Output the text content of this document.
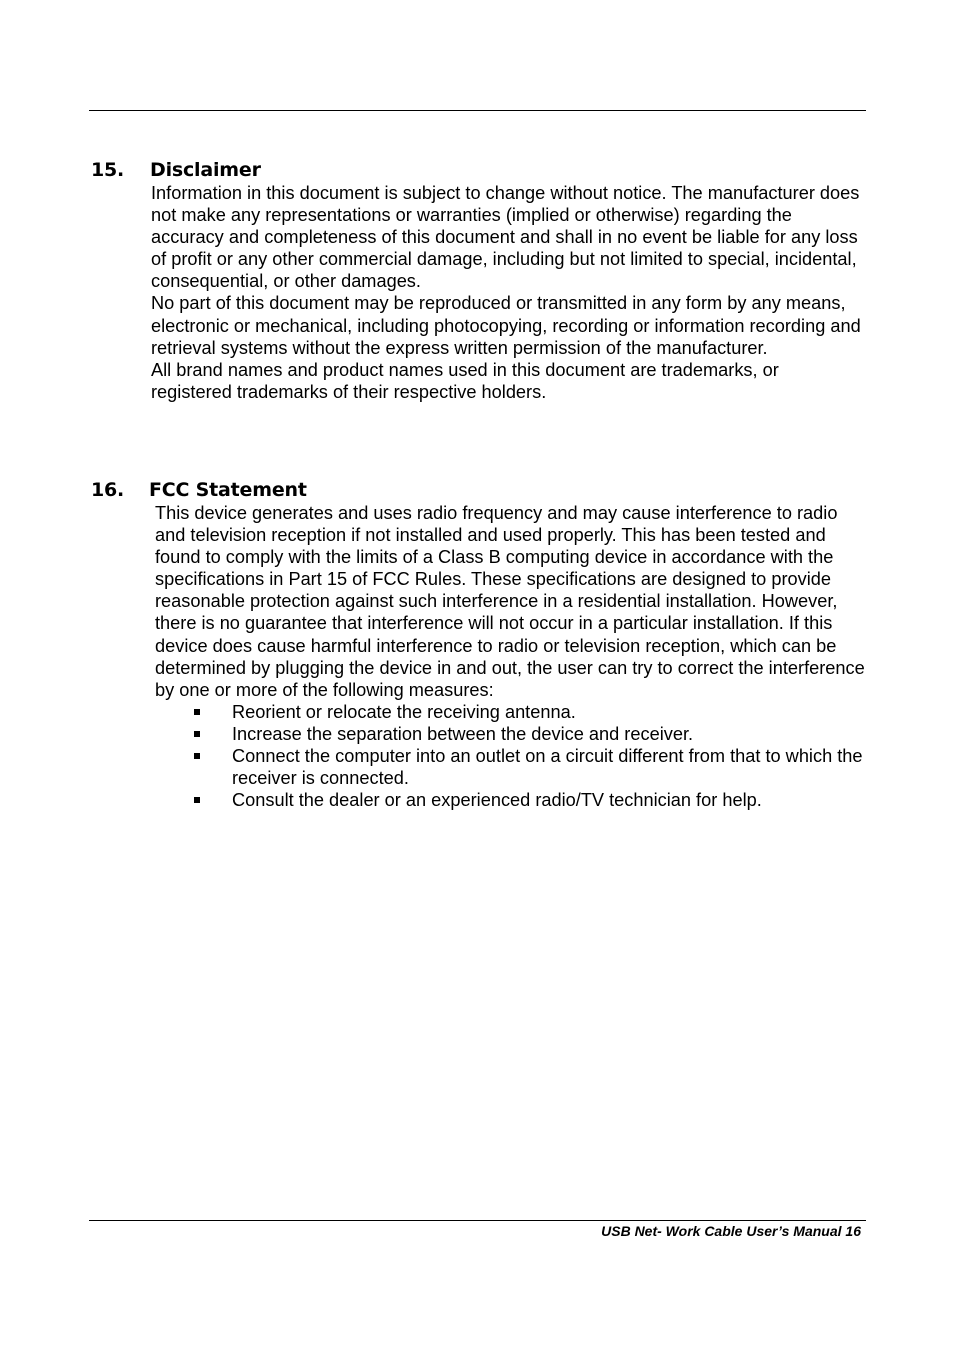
15. Disclaimer

Information in this document is subject to change without notice. The manufacturer does not make any representations or warranties (implied or otherwise) regarding the accuracy and completeness of this document and shall in no event be liable for any loss of profit or any other commercial damage, including but not limited to special, incidental, consequential, or other damages.

No part of this document may be reproduced or transmitted in any form by any means, electronic or mechanical, including photocopying, recording or information recording and retrieval systems without the express written permission of the manufacturer.

All brand names and product names used in this document are trademarks, or registered trademarks of their respective holders.

16. FCC Statement

This device generates and uses radio frequency and may cause interference to radio and television reception if not installed and used properly. This has been tested and found to comply with the limits of a Class B computing device in accordance with the specifications in Part 15 of FCC Rules. These specifications are designed to provide reasonable protection against such interference in a residential installation. However, there is no guarantee that interference will not occur in a particular installation. If this device does cause harmful interference to radio or television reception, which can be determined by plugging the device in and out, the user can try to correct the interference by one or more of the following measures:

Reorient or relocate the receiving antenna.
Increase the separation between the device and receiver.
Connect the computer into an outlet on a circuit different from that to which the receiver is connected.
Consult the dealer or an experienced radio/TV technician for help.
USB Net- Work Cable User’s Manual 16
